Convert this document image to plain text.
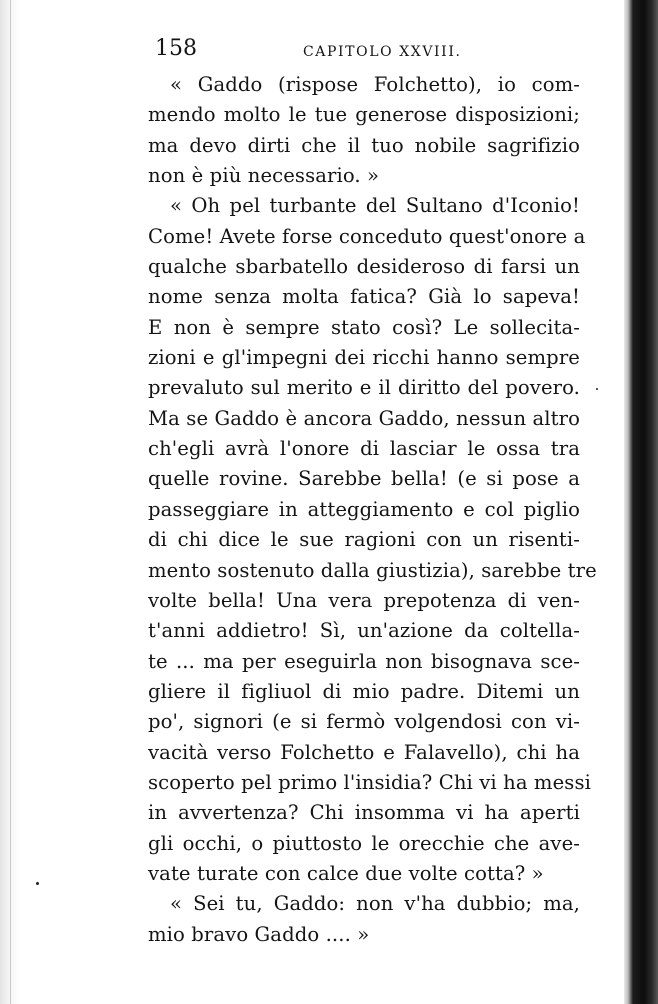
158	CAPITOLO XXVIII.
« Gaddo (rispose Folchetto), io com-
mendo molto le tue generose disposizioni;
ma devo dirti che il tuo nobile sagrifizio
non è più necessario. »
« Oh pel turbante del Sultano d'Iconio!
Come! Avete forse conceduto quest'onore a
qualche sbarbatello desideroso di farsi un
nome senza molta fatica? Già lo sapeva!
E non è sempre stato così? Le sollecita-
zioni e gl'impegni dei ricchi hanno sempre
prevaluto sul merito e il diritto del povero.
Ma se Gaddo è ancora Gaddo, nessun altro
ch'egli avrà l'onore di lasciar le ossa tra
quelle rovine. Sarebbe bella! (e si pose a
passeggiare in atteggiamento e col piglio
di chi dice le sue ragioni con un risenti-
mento sostenuto dalla giustizia), sarebbe tre
volte bella! Una vera prepotenza di ven-
t'anni addietro! Sì, un'azione da coltella-
te ... ma per eseguirla non bisognava sce-
gliere il figliuol di mio padre. Ditemi un
po', signori (e si fermò volgendosi con vi-
vacità verso Folchetto e Falavello), chi ha
scoperto pel primo l'insidia? Chi vi ha messi
in avvertenza? Chi insomma vi ha aperti
gli occhi, o piuttosto le orecchie che ave-
vate turate con calce due volte cotta? »
« Sei tu, Gaddo: non v'ha dubbio; ma,
mio bravo Gaddo .... »
